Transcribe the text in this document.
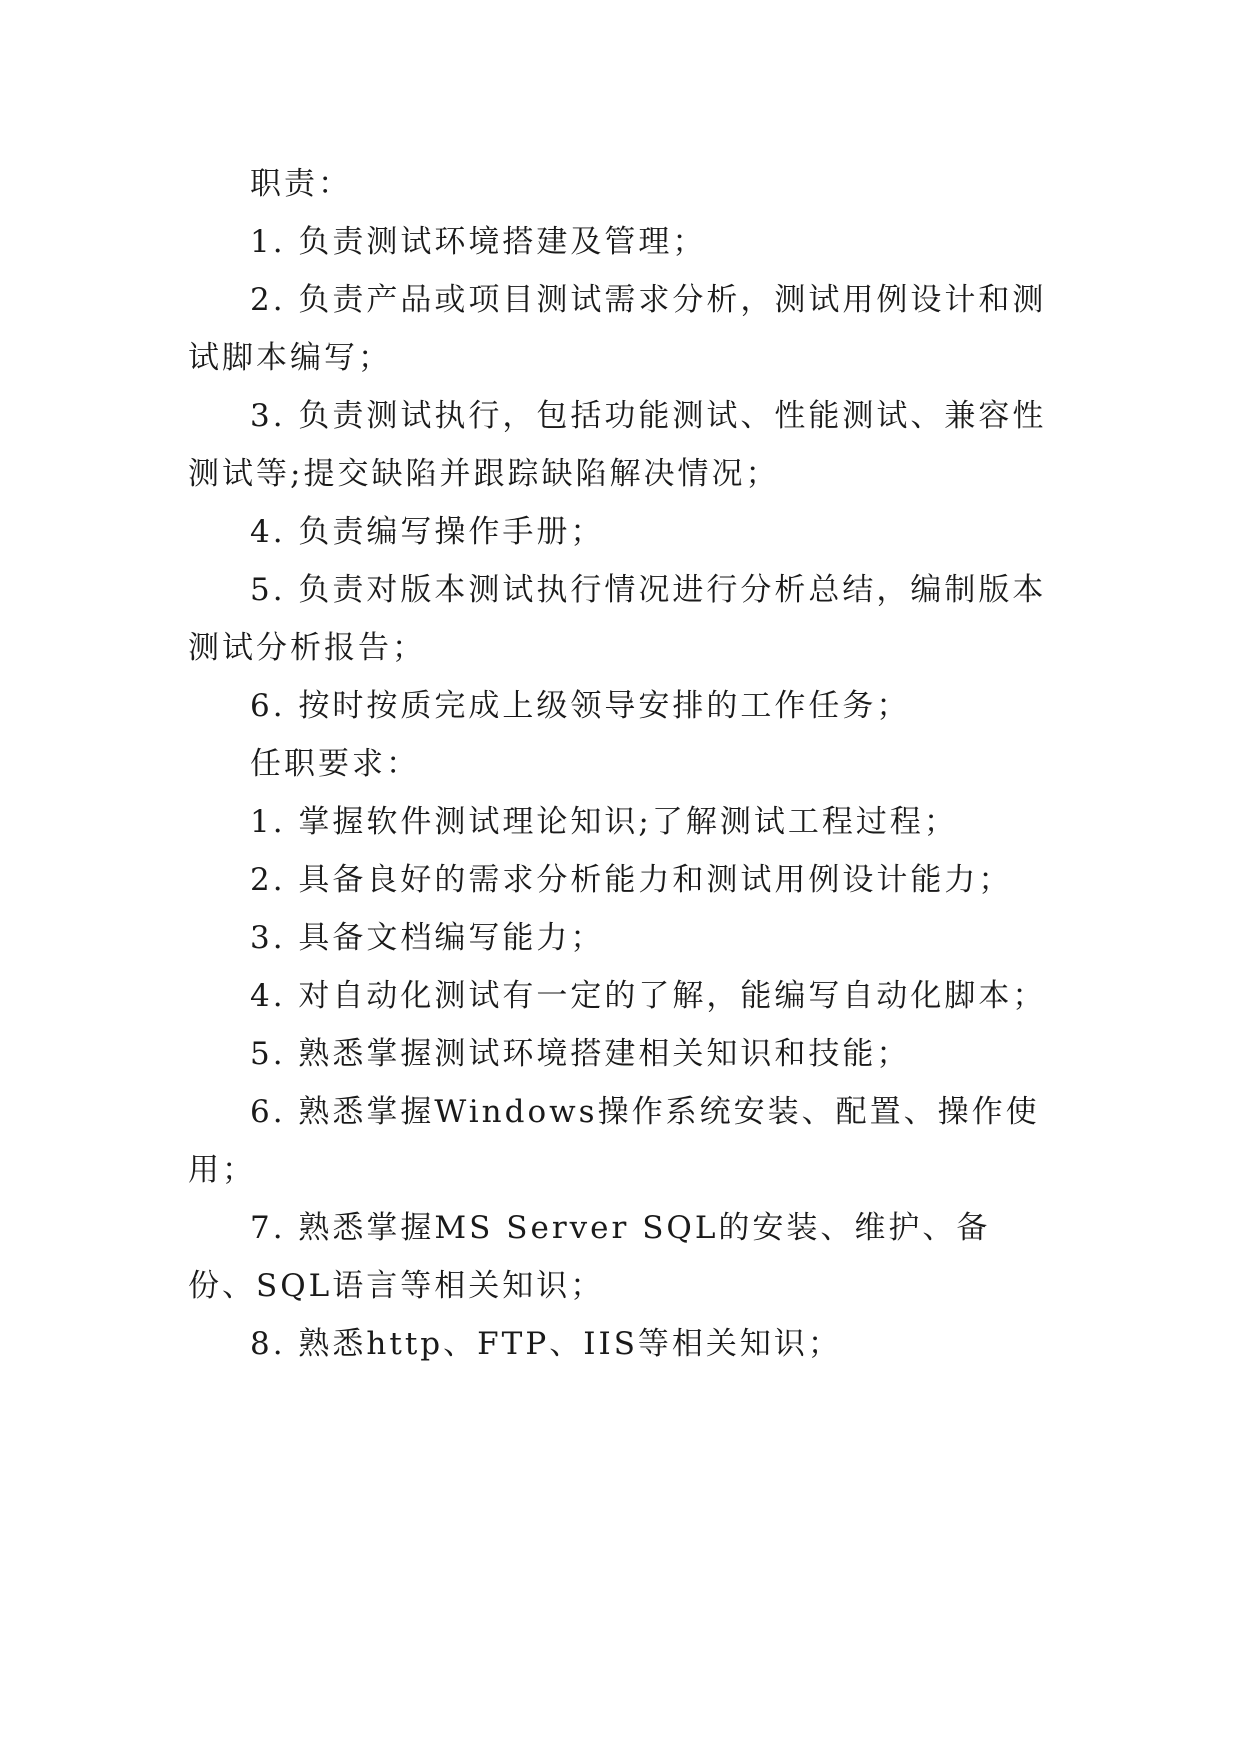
职责：

1. 负责测试环境搭建及管理；

2. 负责产品或项目测试需求分析，测试用例设计和测试脚本编写；

3. 负责测试执行，包括功能测试、性能测试、兼容性测试等;提交缺陷并跟踪缺陷解决情况；

4. 负责编写操作手册；

5. 负责对版本测试执行情况进行分析总结，编制版本测试分析报告；

6. 按时按质完成上级领导安排的工作任务；

任职要求：

1. 掌握软件测试理论知识;了解测试工程过程；

2. 具备良好的需求分析能力和测试用例设计能力；

3. 具备文档编写能力；

4. 对自动化测试有一定的了解，能编写自动化脚本；

5. 熟悉掌握测试环境搭建相关知识和技能；

6. 熟悉掌握Windows操作系统安装、配置、操作使用；

7. 熟悉掌握MS Server SQL的安装、维护、备份、SQL语言等相关知识；

8. 熟悉http、FTP、IIS等相关知识；
